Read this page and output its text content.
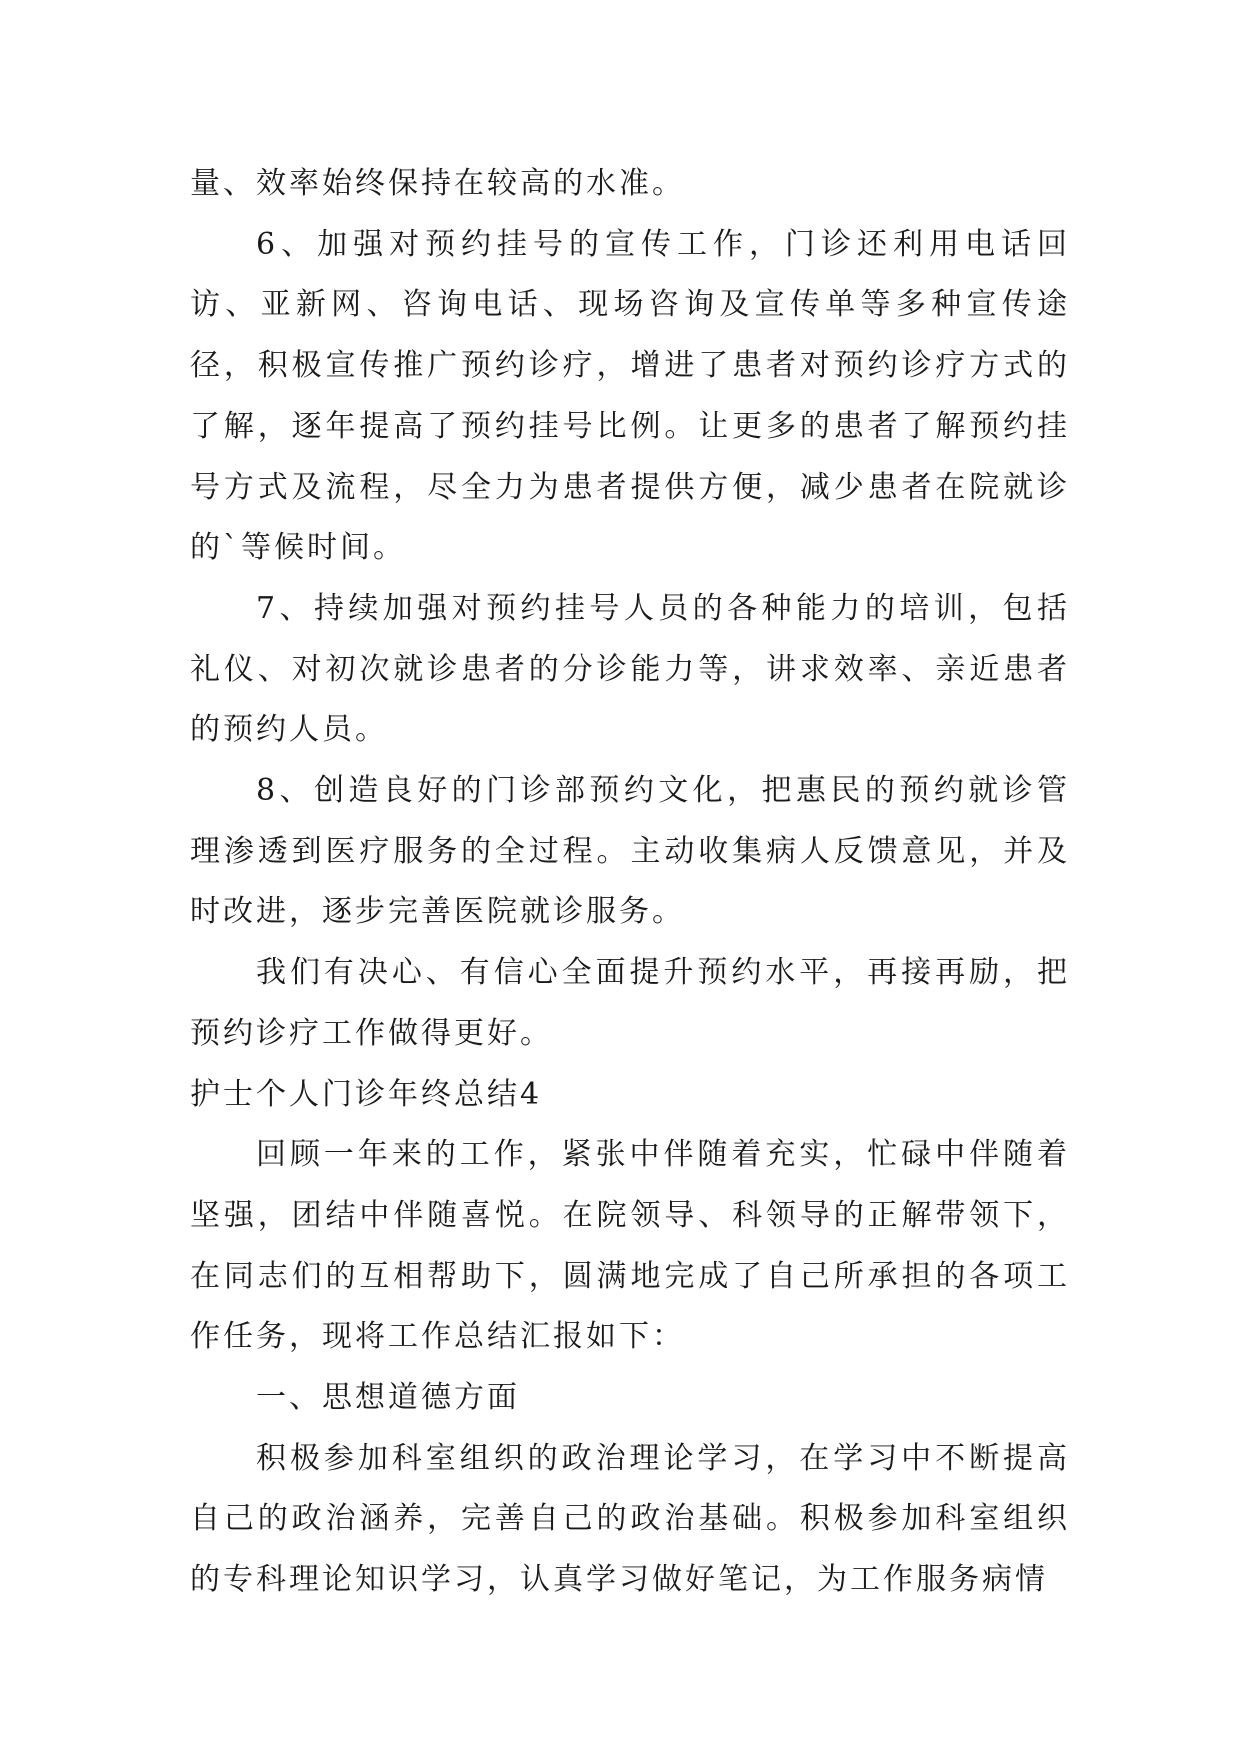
量、效率始终保持在较高的水准。

6、加强对预约挂号的宣传工作，门诊还利用电话回访、亚新网、咨询电话、现场咨询及宣传单等多种宣传途径，积极宣传推广预约诊疗，增进了患者对预约诊疗方式的了解，逐年提高了预约挂号比例。让更多的患者了解预约挂号方式及流程，尽全力为患者提供方便，减少患者在院就诊的`等候时间。

7、持续加强对预约挂号人员的各种能力的培训，包括礼仪、对初次就诊患者的分诊能力等，讲求效率、亲近患者的预约人员。

8、创造良好的门诊部预约文化，把惠民的预约就诊管理渗透到医疗服务的全过程。主动收集病人反馈意见，并及时改进，逐步完善医院就诊服务。

我们有决心、有信心全面提升预约水平，再接再励，把预约诊疗工作做得更好。

护士个人门诊年终总结4

回顾一年来的工作，紧张中伴随着充实，忙碌中伴随着坚强，团结中伴随喜悦。在院领导、科领导的正解带领下，在同志们的互相帮助下，圆满地完成了自己所承担的各项工作任务，现将工作总结汇报如下：

一、思想道德方面

积极参加科室组织的政治理论学习，在学习中不断提高自己的政治涵养，完善自己的政治基础。积极参加科室组织的专科理论知识学习，认真学习做好笔记，为工作服务病情
